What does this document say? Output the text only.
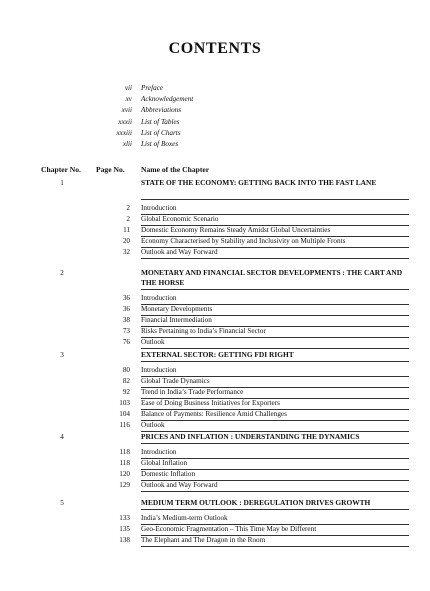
CONTENTS
vii Preface
xv Acknowledgement
xvii Abbreviations
xxxii List of Tables
xxxiii List of Charts
xlii List of Boxes
Chapter No. Page No. Name of the Chapter
1	STATE OF THE ECONOMY: GETTING BACK INTO THE FAST LANE
2 Introduction
2 Global Economic Scenario
11 Domestic Economy Remains Steady Amidst Global Uncertainties
20 Economy Characterised by Stability and Inclusivity on Multiple Fronts
32 Outlook and Way Forward
2	MONETARY AND FINANCIAL SECTOR DEVELOPMENTS : THE CART AND THE HORSE
36 Introduction
36 Monetary Developments
38 Financial Intermediation
73 Risks Pertaining to India’s Financial Sector
76 Outlook
3	EXTERNAL SECTOR: GETTING FDI RIGHT
80 Introduction
82 Global Trade Dynamics
92 Trend in India’s Trade Performance
103 Ease of Doing Business Initiatives for Exporters
104 Balance of Payments: Resilience Amid Challenges
116 Outlook
4	PRICES AND INFLATION : UNDERSTANDING THE DYNAMICS
118 Introduction
118 Global Inflation
120 Domestic Inflation
129 Outlook and Way Forward
5	MEDIUM TERM OUTLOOK : DEREGULATION DRIVES GROWTH
133 India’s Medium-term Outlook
135 Geo-Economic Fragmentation – This Time May be Different
138 The Elephant and The Dragon in the Room
